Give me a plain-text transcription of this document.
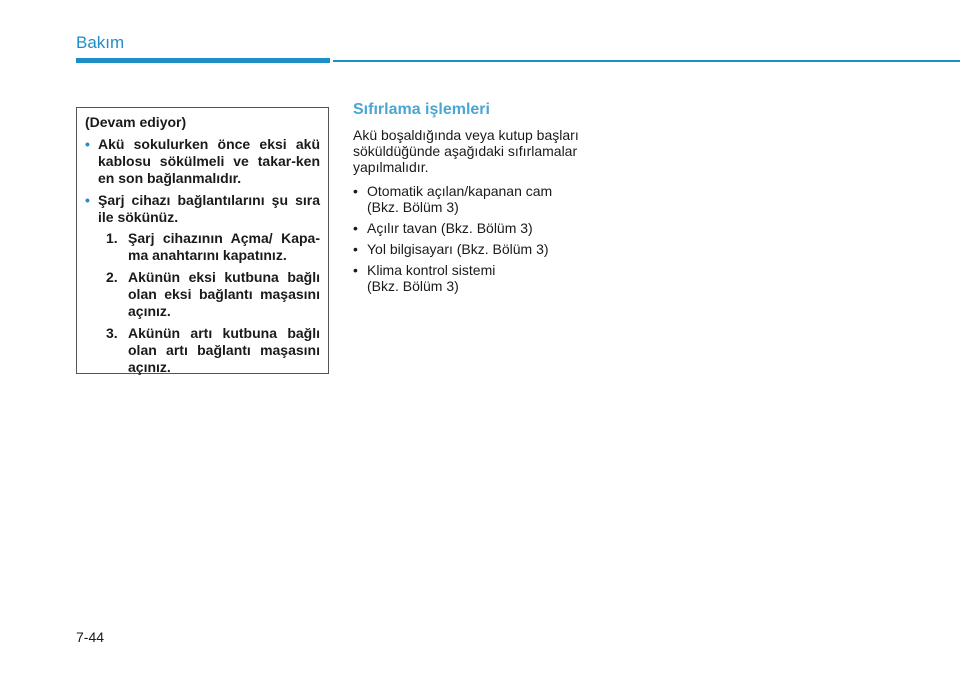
Bakım
(Devam ediyor)
• Akü sokulurken önce eksi akü kablosu sökülmeli ve takar-ken en son bağlanmalıdır.
• Şarj cihazı bağlantılarını şu sıra ile sökünüz.
1. Şarj cihazının Açma/ Kapa-ma anahtarını kapatınız.
2. Akünün eksi kutbuna bağlı olan eksi bağlantı maşasını açınız.
3. Akünün artı kutbuna bağlı olan artı bağlantı maşasını açınız.
Sıfırlama işlemleri

Akü boşaldığında veya kutup başları söküldüğünde aşağıdaki sıfırlamalar yapılmalıdır.

• Otomatik açılan/kapanan cam
(Bkz. Bölüm 3)
• Açılır tavan (Bkz. Bölüm 3)
• Yol bilgisayarı (Bkz. Bölüm 3)
• Klima kontrol sistemi
(Bkz. Bölüm 3)
7-44
